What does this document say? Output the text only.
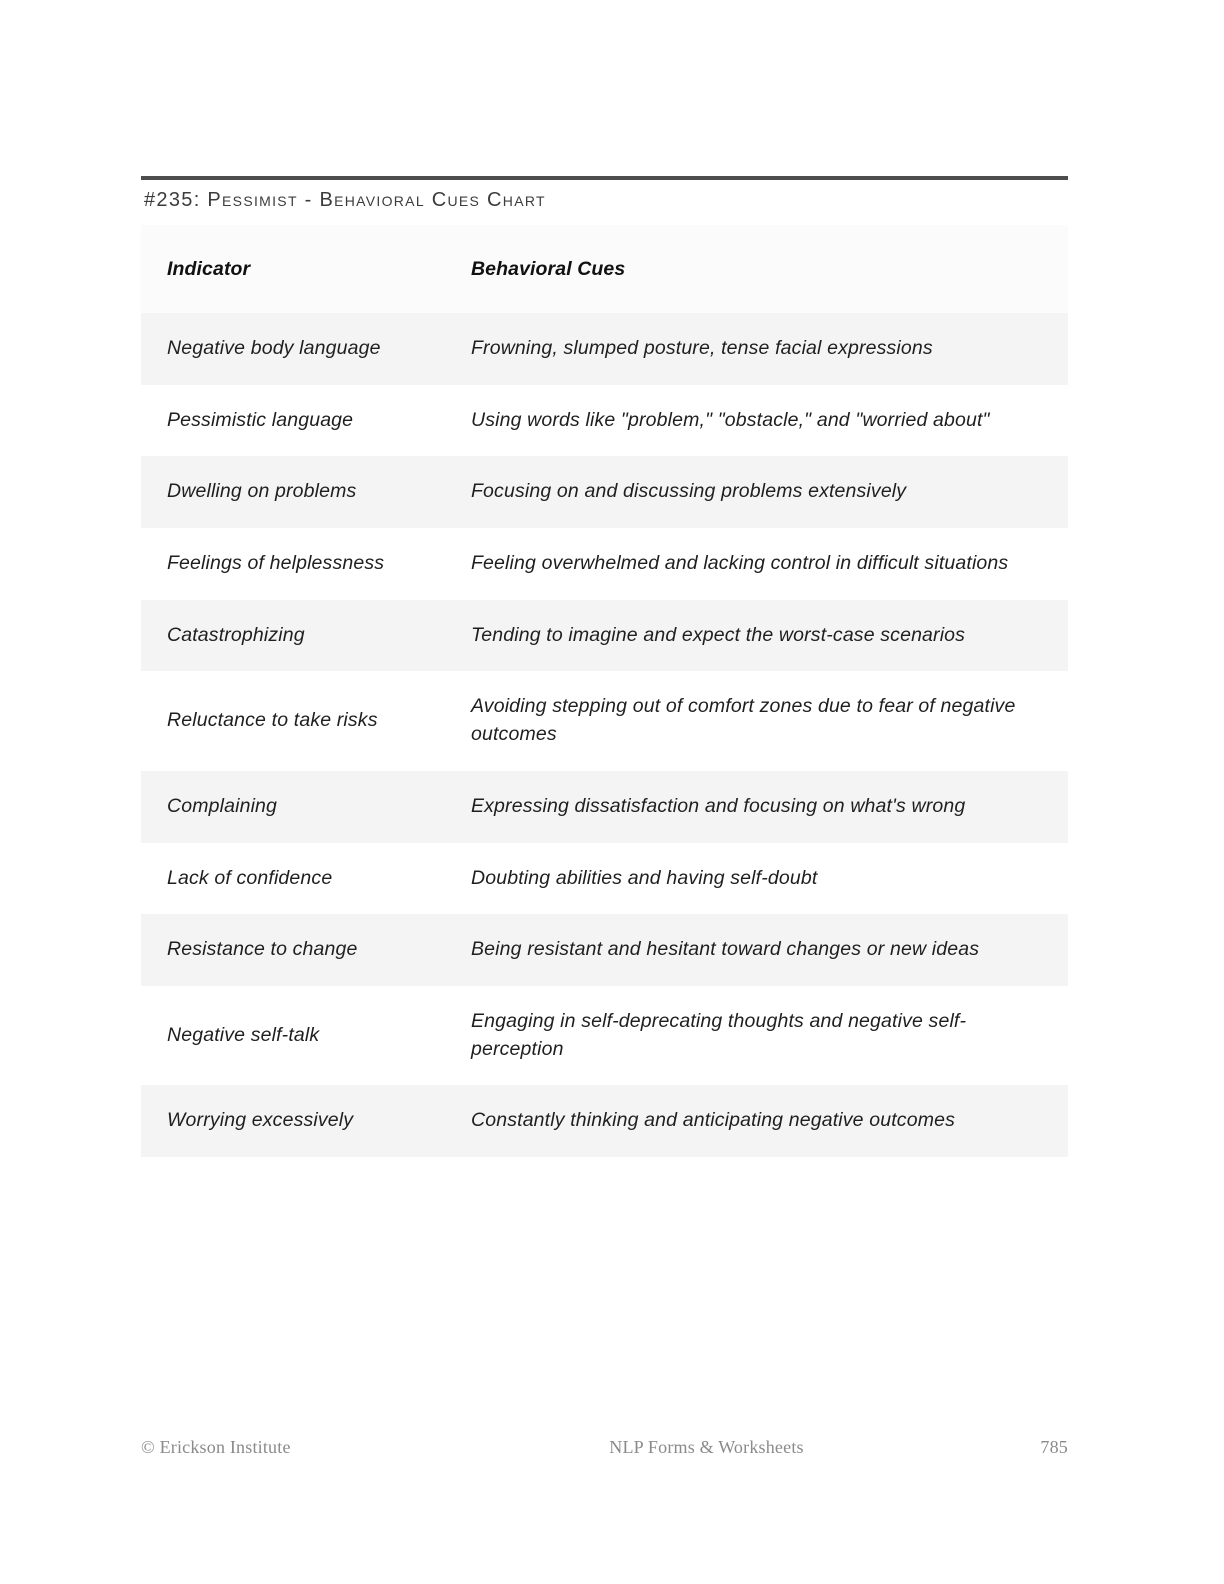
#235: Pessimist - Behavioral Cues Chart
Indicator	Behavioral Cues
Negative body language	Frowning, slumped posture, tense facial expressions
Pessimistic language	Using words like "problem," "obstacle," and "worried about"
Dwelling on problems	Focusing on and discussing problems extensively
Feelings of helplessness	Feeling overwhelmed and lacking control in difficult situations
Catastrophizing	Tending to imagine and expect the worst-case scenarios
Reluctance to take risks	Avoiding stepping out of comfort zones due to fear of negative outcomes
Complaining	Expressing dissatisfaction and focusing on what's wrong
Lack of confidence	Doubting abilities and having self-doubt
Resistance to change	Being resistant and hesitant toward changes or new ideas
Negative self-talk	Engaging in self-deprecating thoughts and negative self-perception
Worrying excessively	Constantly thinking and anticipating negative outcomes
© Erickson Institute	NLP Forms & Worksheets	785
